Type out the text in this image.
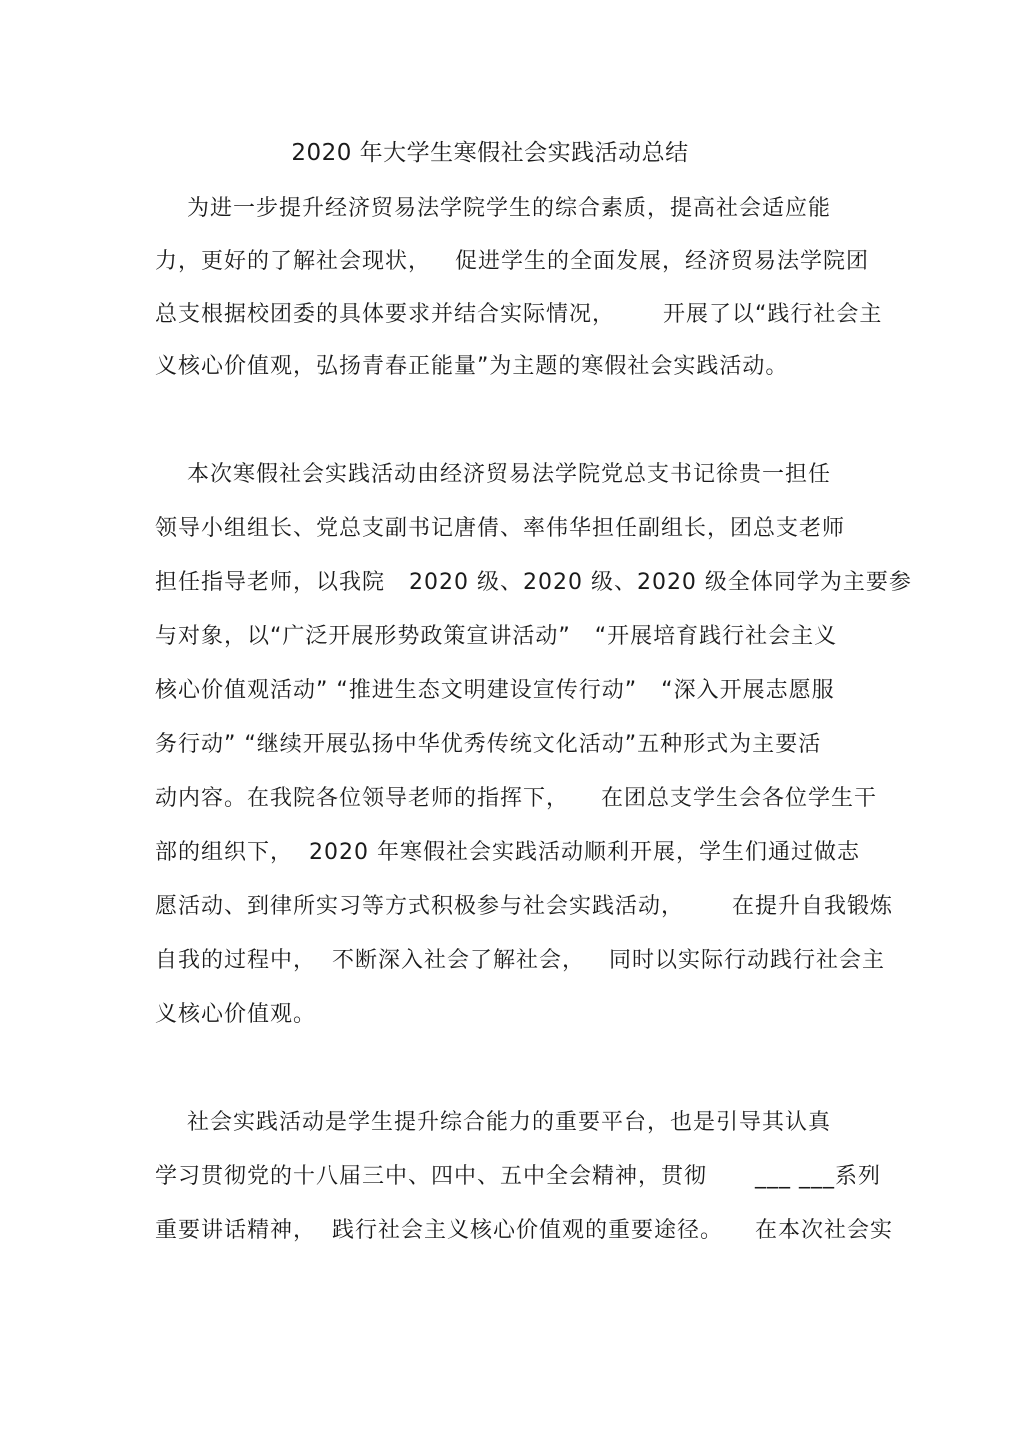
2020 年大学生寒假社会实践活动总结
为进一步提升经济贸易法学院学生的综合素质，提高社会适应能
力，更好的了解社会现状，   促进学生的全面发展，经济贸易法学院团
总支根据校团委的具体要求并结合实际情况，      开展了以“践行社会主
义核心价值观，弘扬青春正能量”为主题的寒假社会实践活动。
本次寒假社会实践活动由经济贸易法学院党总支书记徐贵一担任
领导小组组长、党总支副书记唐倩、率伟华担任副组长，团总支老师
担任指导老师，以我院   2020 级、2020 级、2020 级全体同学为主要参
与对象，以“广泛开展形势政策宣讲活动”   “开展培育践行社会主义
核心价值观活动” “推进生态文明建设宣传行动”   “深入开展志愿服
务行动” “继续开展弘扬中华优秀传统文化活动”五种形式为主要活
动内容。在我院各位领导老师的指挥下，    在团总支学生会各位学生干
部的组织下，  2020 年寒假社会实践活动顺利开展，学生们通过做志
愿活动、到律所实习等方式积极参与社会实践活动，      在提升自我锻炼
自我的过程中，  不断深入社会了解社会，   同时以实际行动践行社会主
义核心价值观。
社会实践活动是学生提升综合能力的重要平台，也是引导其认真
学习贯彻党的十八届三中、四中、五中全会精神，贯彻      ___ ___系列
重要讲话精神，  践行社会主义核心价值观的重要途径。    在本次社会实
